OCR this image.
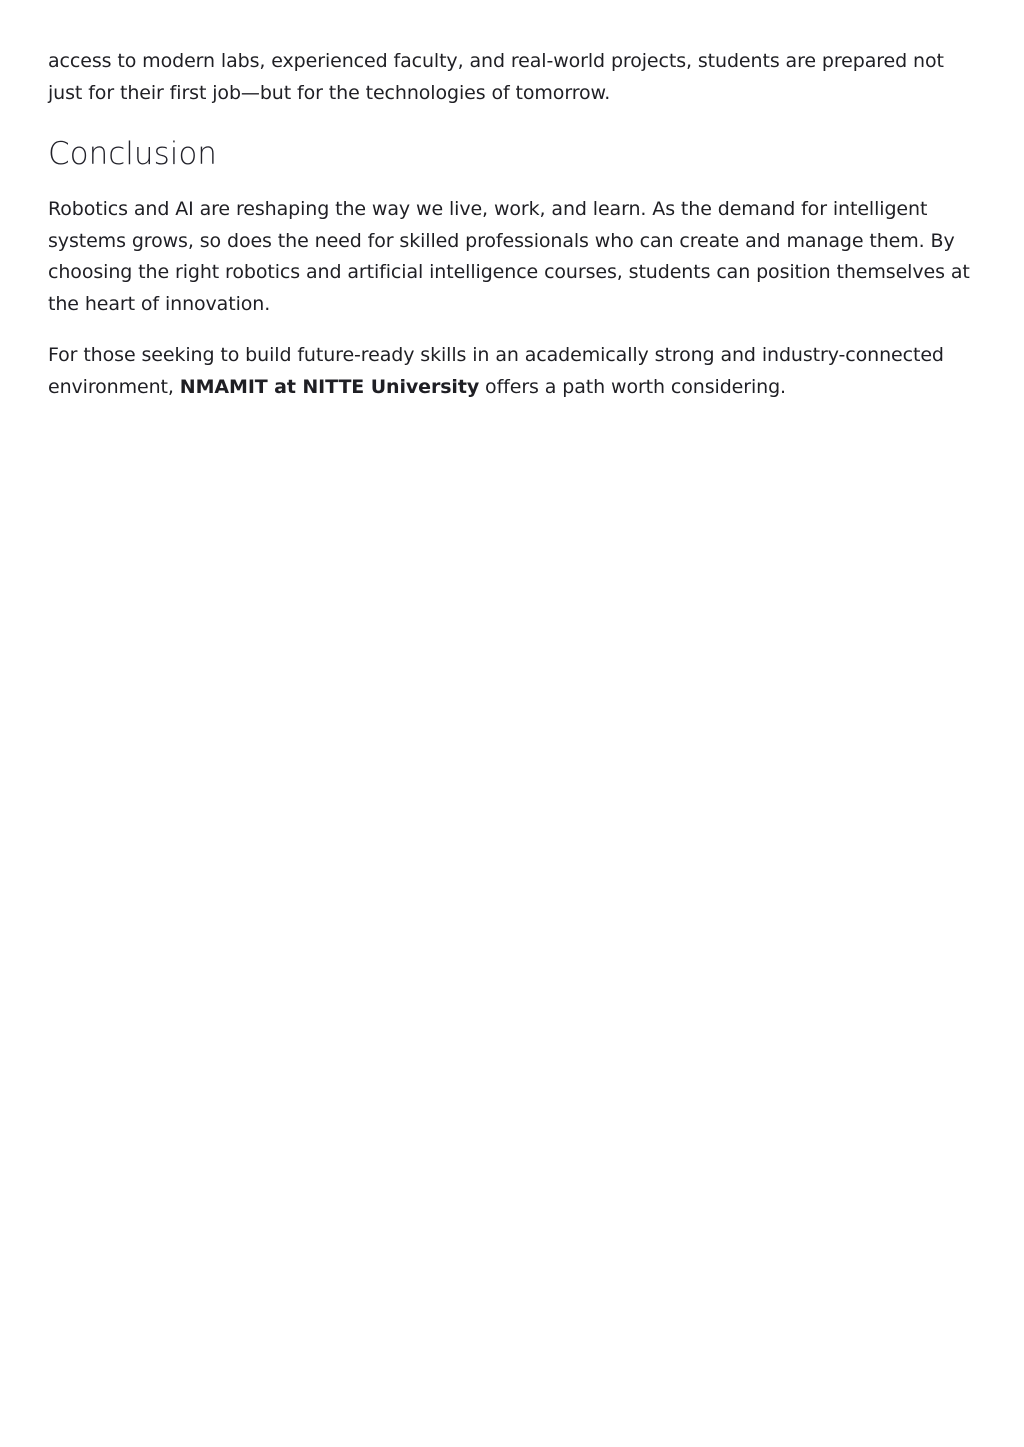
access to modern labs, experienced faculty, and real-world projects, students are prepared not just for their first job—but for the technologies of tomorrow.

Conclusion

Robotics and AI are reshaping the way we live, work, and learn. As the demand for intelligent systems grows, so does the need for skilled professionals who can create and manage them. By choosing the right robotics and artificial intelligence courses, students can position themselves at the heart of innovation.

For those seeking to build future-ready skills in an academically strong and industry-connected environment, NMAMIT at NITTE University offers a path worth considering.
